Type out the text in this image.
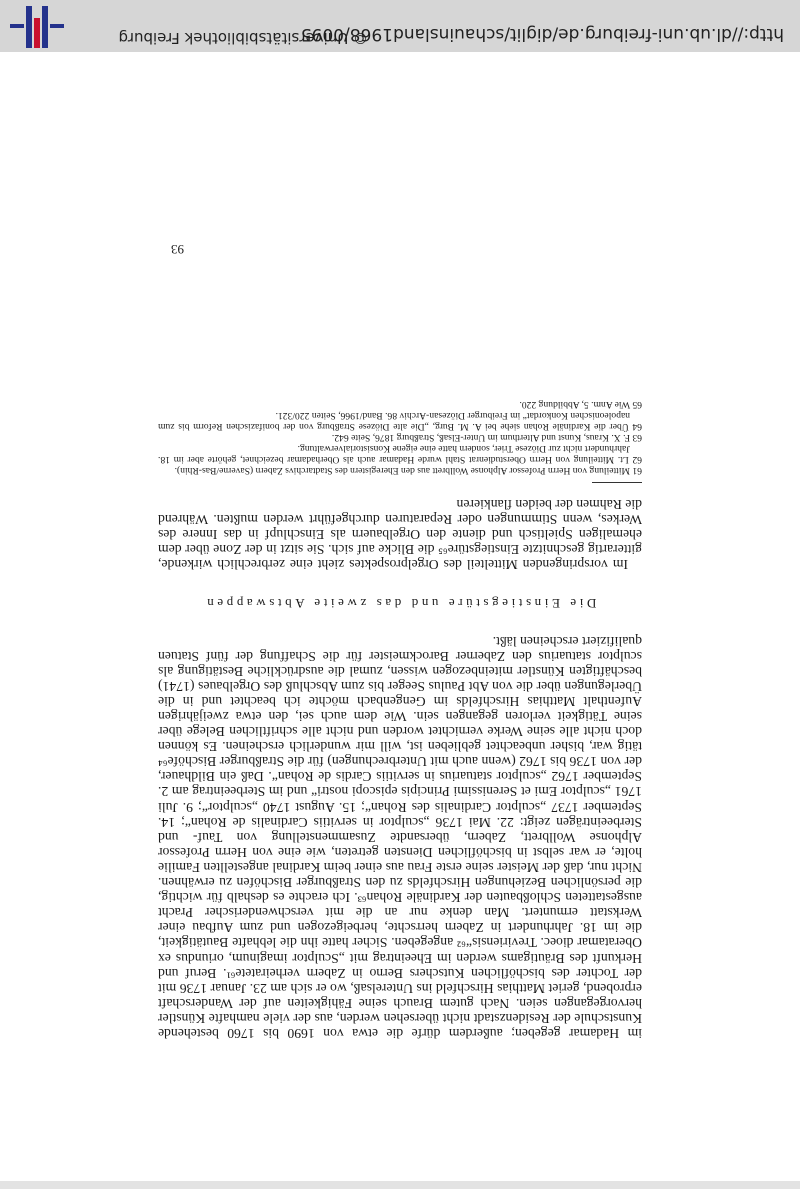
im Hadamar gegeben; außerdem dürfe die etwa von 1690 bis 1760 bestehende Kunstschule der Residenzstadt nicht übersehen werden, aus der viele namhafte Künstler hervorgegangen seien. Nach gutem Brauch seine Fähigkeiten auf der Wanderschaft erprobend, geriet Matthias Hirschfeld ins Unterelsaß, wo er sich am 23. Januar 1736 mit der Tochter des bischöflichen Kutschers Berno in Zabern verheiratete⁶¹. Beruf und Herkunft des Bräutigams werden im Eheeintrag mit „Sculptor imaginum, oriundus ex Oberatamar dioec. Treviriensis“⁶² angegeben. Sicher hatte ihn die lebhafte Bautätigkeit, die im 18. Jahrhundert in Zabern herrschte, herbeigezogen und zum Aufbau einer Werkstatt ermuntert. Man denke nur an die mit verschwenderischer Pracht ausgestatteten Schloßbauten der Kardinäle Rohan⁶³. Ich erachte es deshalb für wichtig, die persönlichen Beziehungen Hirschfelds zu den Straßburger Bischöfen zu erwähnen. Nicht nur, daß der Meister seine erste Frau aus einer beim Kardinal angestellten Familie holte, er war selbst in bischöflichen Diensten getreten, wie eine von Herrn Professor Alphonse Wollbrett, Zabern, übersandte Zusammenstellung von Tauf- und Sterbeeinträgen zeigt: 22. Mai 1736 „sculptor in servitiis Cardinalis de Rohan“; 14. September 1737 „sculptor Cardinalis des Rohan“; 15. August 1740 „sculptor“; 9. Juli 1761 „sculptor Emi et Serenissimi Principis episcopi nostri“ und im Sterbeeintrag am 2. September 1762 „sculptor statuarius in servitiis Cardis de Rohan“. Daß ein Bildhauer, der von 1736 bis 1762 (wenn auch mit Unterbrechungen) für die Straßburger Bischöfe⁶⁴ tätig war, bisher unbeachtet geblieben ist, will mir wunderlich erscheinen. Es können doch nicht alle seine Werke vernichtet worden und nicht alle schriftlichen Belege über seine Tätigkeit verloren gegangen sein. Wie dem auch sei, den etwa zweijährigen Aufenthalt Matthias Hirschfelds im Gengenbach möchte ich beachtet und in die Überlegungen über die von Abt Paulus Seeger bis zum Abschluß des Orgelbaues (1741) beschäftigten Künstler miteinbezogen wissen, zumal die ausdrückliche Bestätigung als sculptor statuarius den Zaberner Barockmeister für die Schaffung der fünf Statuen qualifiziert erscheinen läßt.

Die Einstiegstüre und das zweite Abtswappen

Im vorspringenden Mittelteil des Orgelprospektes zieht eine zerbrechlich wirkende, gitterartig geschnitzte Einstiegstüre⁶⁵ die Blicke auf sich. Sie sitzt in der Zone über dem ehemaligen Spieltisch und diente den Orgelbauern als Einschlupf in das Innere des Werkes, wenn Stimmungen oder Reparaturen durchgeführt werden mußten. Während die Rahmen der beiden flankieren

61 Mitteilung von Herrn Professor Alphonse Wollbrett aus den Eheregistern des Stadtarchivs Zabern (Saverne/Bas-Rhin).

62 Lt. Mitteilung von Herrn Oberstudienrat Stahl wurde Hadamar auch als Oberhadamar bezeichnet, gehörte aber im 18. Jahrhundert nicht zur Diözese Trier, sondern hatte eine eigene Konsistorialverwaltung.

63 F. X. Kraus, Kunst und Alterthum im Unter-Elsaß, Straßburg 1876, Seite 642.

64 Über die Kardinäle Rohan siehe bei A. M. Burg, „Die alte Diözese Straßburg von der bonifazischen Reform bis zum napoleonischen Konkordat“ im Freiburger Diözesan-Archiv 86. Band/1966, Seiten 220/321.

65 Wie Anm. 5, Abbildung 220.

93
http://dl.ub.uni-freiburg.de/diglit/schauinsland1968/0095
© Universitätsbibliothek Freiburg
